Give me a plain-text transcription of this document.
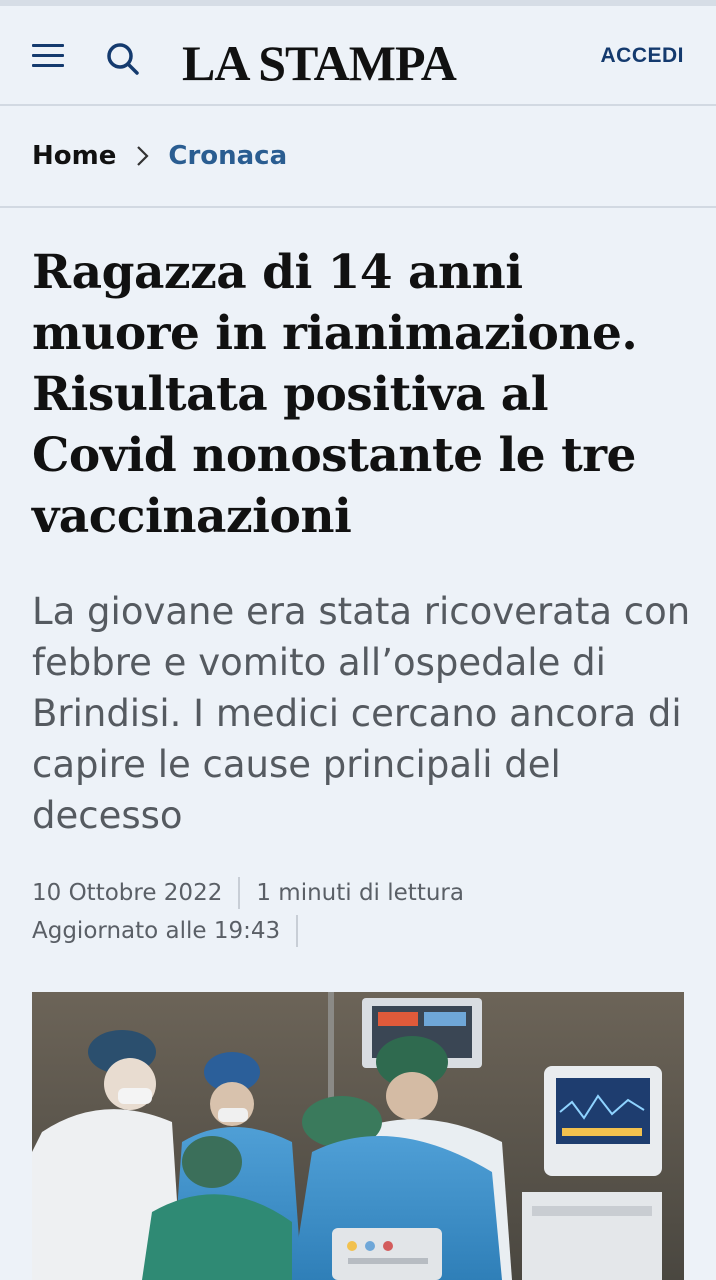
LA STAMPA	ACCEDI
Home Cronaca
Ragazza di 14 anni muore in rianimazione. Risultata positiva al Covid nonostante le tre vaccinazioni

La giovane era stata ricoverata con febbre e vomito all’ospedale di Brindisi. I medici cercano ancora di capire le cause principali del decesso

10 Ottobre 2022 1 minuti di lettura
Aggiornato alle 19:43
